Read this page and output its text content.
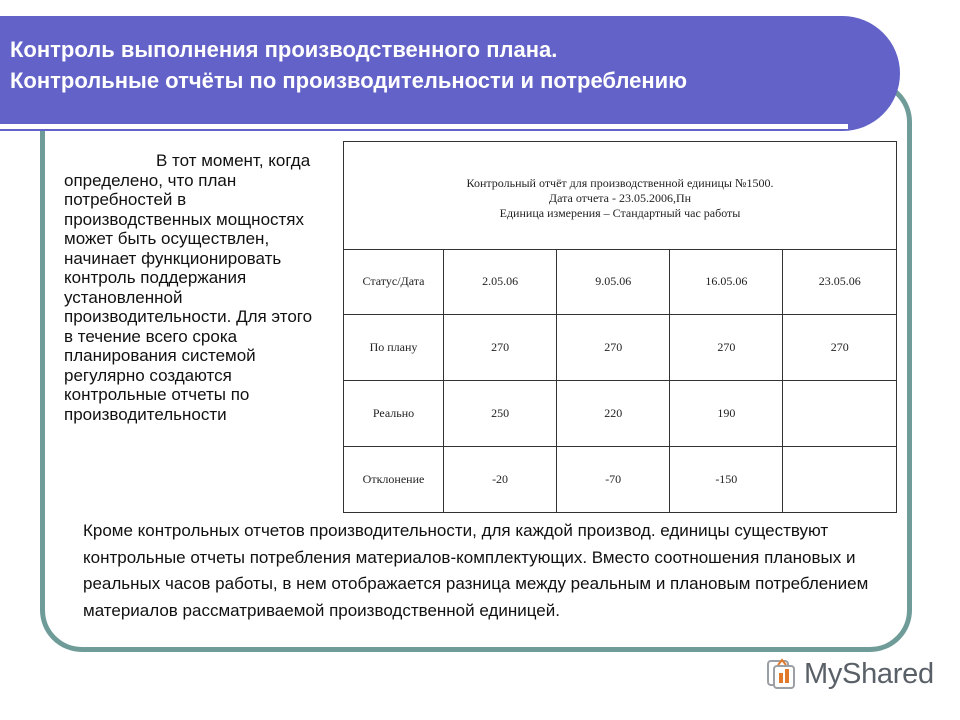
Контроль выполнения производственного плана.
Контрольные отчёты по производительности и потреблению
В тот момент, когда определено, что план потребностей в производственных мощностях может быть осуществлен, начинает функционировать контроль поддержания установленной производительности. Для этого в течение всего срока планирования системой регулярно создаются контрольные отчеты по производительности
Контрольный отчёт для производственной единицы №1500.
Дата отчета - 23.05.2006,Пн
Единица измерения – Стандартный час работы
Статус/Дата	2.05.06	9.05.06	16.05.06	23.05.06
По плану	270	270	270	270
Реально	250	220	190	
Отклонение	-20	-70	-150	
Кроме контрольных отчетов производительности, для каждой производ. единицы существуют контрольные отчеты потребления материалов-комплектующих. Вместо соотношения плановых и реальных часов работы, в нем отображается разница между реальным и плановым потреблением материалов рассматриваемой производственной единицей.
MyShared
